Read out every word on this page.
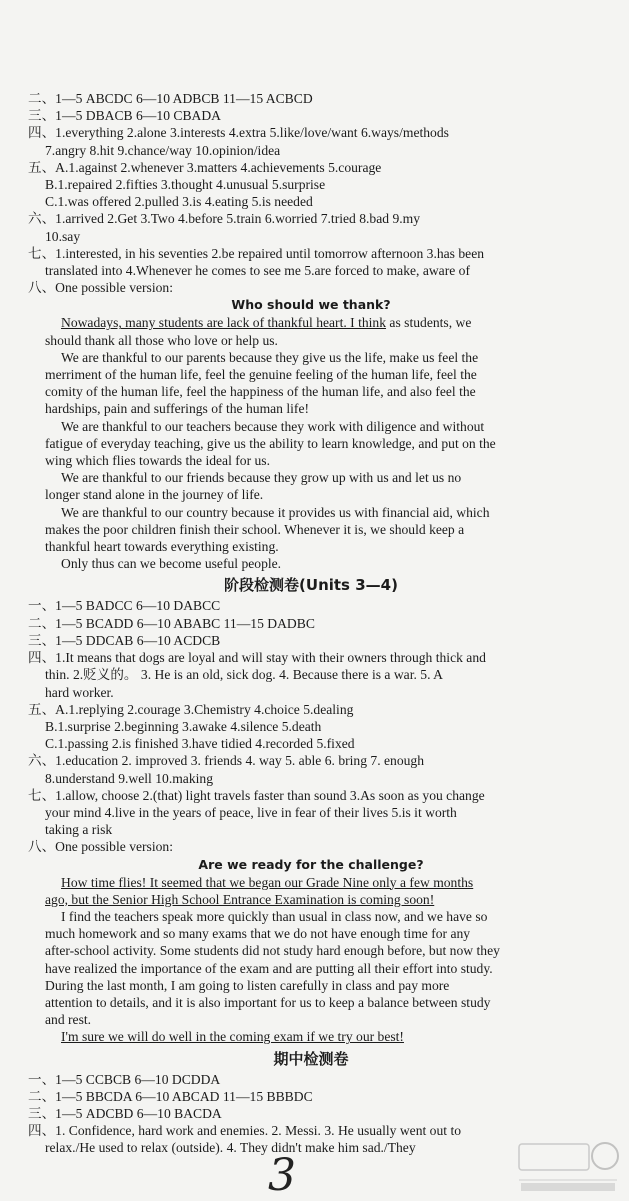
二、1—5 ABCDC 6—10 ADBCB 11—15 ACBCD
三、1—5 DBACB 6—10 CBADA
四、1.everything 2.alone 3.interests 4.extra 5.like/love/want 6.ways/methods
7.angry 8.hit 9.chance/way 10.opinion/idea
五、A.1.against 2.whenever 3.matters 4.achievements 5.courage
B.1.repaired 2.fifties 3.thought 4.unusual 5.surprise
C.1.was offered 2.pulled 3.is 4.eating 5.is needed
六、1.arrived 2.Get 3.Two 4.before 5.train 6.worried 7.tried 8.bad 9.my
10.say
七、1.interested, in his seventies 2.be repaired until tomorrow afternoon 3.has been
translated into 4.Whenever he comes to see me 5.are forced to make, aware of
八、One possible version:
Who should we thank?
Nowadays, many students are lack of thankful heart. I think as students, we
should thank all those who love or help us.
We are thankful to our parents because they give us the life, make us feel the
merriment of the human life, feel the genuine feeling of the human life, feel the
comity of the human life, feel the happiness of the human life, and also feel the
hardships, pain and sufferings of the human life!
We are thankful to our teachers because they work with diligence and without
fatigue of everyday teaching, give us the ability to learn knowledge, and put on the
wing which flies towards the ideal for us.
We are thankful to our friends because they grow up with us and let us no
longer stand alone in the journey of life.
We are thankful to our country because it provides us with financial aid, which
makes the poor children finish their school. Whenever it is, we should keep a
thankful heart towards everything existing.
Only thus can we become useful people.
阶段检测卷(Units 3—4)
一、1—5 BADCC 6—10 DABCC
二、1—5 BCADD 6—10 ABABC 11—15 DADBC
三、1—5 DDCAB 6—10 ACDCB
四、1.It means that dogs are loyal and will stay with their owners through thick and
thin. 2.贬义的。 3. He is an old, sick dog. 4. Because there is a war. 5. A
hard worker.
五、A.1.replying 2.courage 3.Chemistry 4.choice 5.dealing
B.1.surprise 2.beginning 3.awake 4.silence 5.death
C.1.passing 2.is finished 3.have tidied 4.recorded 5.fixed
六、1.education 2. improved 3. friends 4. way 5. able 6. bring 7. enough
8.understand 9.well 10.making
七、1.allow, choose 2.(that) light travels faster than sound 3.As soon as you change
your mind 4.live in the years of peace, live in fear of their lives 5.is it worth
taking a risk
八、One possible version:
Are we ready for the challenge?
How time flies! It seemed that we began our Grade Nine only a few months
ago, but the Senior High School Entrance Examination is coming soon!
I find the teachers speak more quickly than usual in class now, and we have so
much homework and so many exams that we do not have enough time for any
after-school activity. Some students did not study hard enough before, but now they
have realized the importance of the exam and are putting all their effort into study.
During the last month, I am going to listen carefully in class and pay more
attention to details, and it is also important for us to keep a balance between study
and rest.
I'm sure we will do well in the coming exam if we try our best!
期中检测卷
一、1—5 CCBCB 6—10 DCDDA
二、1—5 BBCDA 6—10 ABCAD 11—15 BBBDC
三、1—5 ADCBD 6—10 BACDA
四、1. Confidence, hard work and enemies. 2. Messi. 3. He usually went out to
relax./He used to relax (outside). 4. They didn't make him sad./They
3
